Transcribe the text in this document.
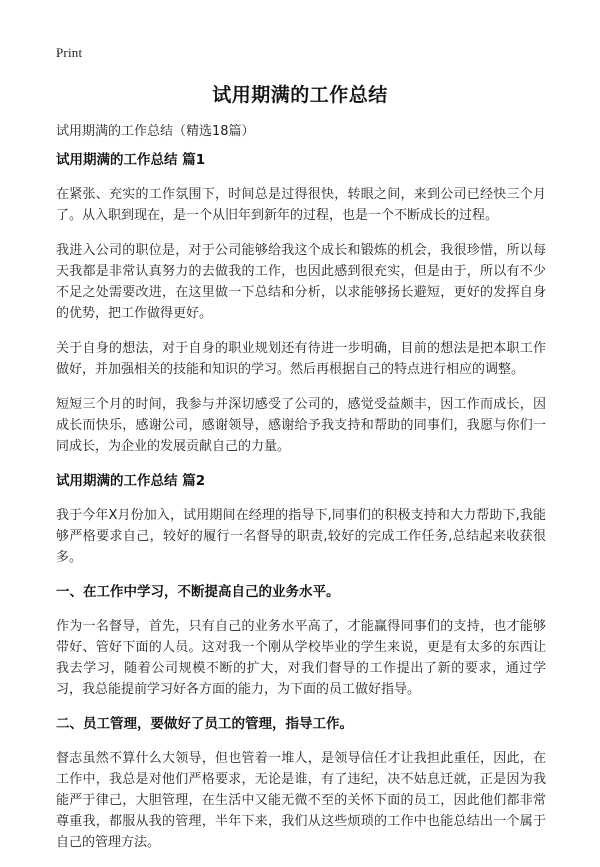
Print
试用期满的工作总结
试用期满的工作总结（精选18篇）
试用期满的工作总结 篇1

在紧张、充实的工作氛围下，时间总是过得很快，转眼之间，来到公司已经快三个月了。从入职到现在，是一个从旧年到新年的过程，也是一个不断成长的过程。

我进入公司的职位是，对于公司能够给我这个成长和锻炼的机会，我很珍惜，所以每天我都是非常认真努力的去做我的工作，也因此感到很充实，但是由于，所以有不少不足之处需要改进，在这里做一下总结和分析，以求能够扬长避短，更好的发挥自身的优势，把工作做得更好。

关于自身的想法，对于自身的职业规划还有待进一步明确，目前的想法是把本职工作做好，并加强相关的技能和知识的学习。然后再根据自己的特点进行相应的调整。

短短三个月的时间，我参与并深切感受了公司的，感觉受益颇丰，因工作而成长，因成长而快乐，感谢公司，感谢领导，感谢给予我支持和帮助的同事们，我愿与你们一同成长，为企业的发展贡献自己的力量。

试用期满的工作总结 篇2

我于今年X月份加入，试用期间在经理的指导下,同事们的积极支持和大力帮助下,我能够严格要求自己，较好的履行一名督导的职责,较好的完成工作任务,总结起来收获很多。

一、在工作中学习，不断提高自己的业务水平。

作为一名督导，首先，只有自己的业务水平高了，才能赢得同事们的支持，也才能够带好、管好下面的人员。这对我一个刚从学校毕业的学生来说，更是有太多的东西让我去学习，随着公司规模不断的扩大，对我们督导的工作提出了新的要求，通过学习，我总能提前学习好各方面的能力，为下面的员工做好指导。

二、员工管理，要做好了员工的管理，指导工作。

督志虽然不算什么大领导，但也管着一堆人，是领导信任才让我担此重任，因此，在工作中，我总是对他们严格要求，无论是谁，有了违纪，决不姑息迁就，正是因为我能严于律己，大胆管理，在生活中又能无微不至的关怀下面的员工，因此他们都非常尊重我，都服从我的管理，半年下来，我们从这些烦琐的工作中也能总结出一个属于自己的管理方法。
